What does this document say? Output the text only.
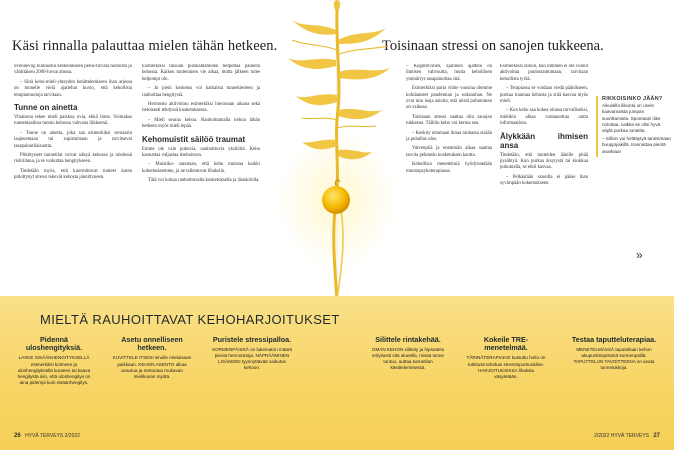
Käsi rinnalla palauttaa mielen tähän hetkeen.	Toisinaan stressi on sanojen tukkeena.

Svenneviig kiinnostui keskeinkseen perus-tuvista hoitoista jo vähittäisen 2000-luvun alussa.

– Siitä keho-mieli-yhteyden herättelemiseen ihan arjessa on monelle vielä ajattelun kuvio, että kehollisia terapiamuotoja tarvitaan.

Tunne on ainetta

Vihaisena tekee mieli paiskoa ovia, ehkä ihme. Voimakas tunnemaailma tuntuu kehossa vahvana liikkeenä.

– Tunne on ainetta, joka saa esimerkiksi vernaarin laajenemaan tai supistumaan ja tarvitsevat tasapainotilaisuutta.

Pitkittyneet tunnetilat voivat näkyä kehossa ja mielessä ristiriitana, ja se vaikuttaa hengitykseen.

Tiedetään myös, että kuormittavat tunteet kuten pitkittynyt stressi tekevät kehosta jännittyneen.

Esimerkiksi tiksuun purskahtaminen helpottaa paineita kehossa. Kaiken tunteminen vie aikaa, mutta jälkeen tulee helpompi olo.

– Jo pieni kosketus voi katkaista tunnekierteen ja rauhoittaa hengitystä.

Hermosto aktivoituu esimerkiksi hieronnan aikana sekä tietoisesti tehdyssä kosketuksessa.

– Mieli seuraa kehoa. Rauhoittamalla kehoa tähän hetkeen myös mieli lepää.

Kehomuistit säilöö traumat

Emme ole vain puhuvia, nauhoittuvia yksilöitä. Keho kannattaa valjastaa itsehoitoon.

– Muistiko- sanotaan, että keho muistaa kaikki kokemuksemme, ja ne tallentuvat lihaksiin.

Tätä voi hoitaa rauhoittavalla kosketuksella ja läsnäololla.

– Kognitiivinen, ajallinen ajattelu on ihmisen vahvuutta, mutta kehollinen ymmärrys tasapainottaa sitä.

Esimerkiksi paria viime vuosina olemme kohdanneet pandemian ja sodanuhan. Ne ovat niin isoja asioita, että niistä puhuminen on vaikeaa.

Toisinaan stressi saattaa olla sanojen tukkeena. Tällöin keho voi kertoa sen.

– Keskity ottamaan ilmaa rauhassa sisään ja puhallus ulos.

Valvenpiiä ja enemmän aikaa saattaa tarvita pehmeän kosketuksen kautta.

Kehollisia menetelmiä hyödynnetään traumapsykoterapiassa.

Esimerkiksi silloin, kun ihminen ei ole voinut aktivoitua puolustautumaan, tarvitaan kehollista työtä.

– Terapiassa se voidaan viedä päätökseen, purkaa traumaa kehosta ja siitä kasvaa myös mieli.

– Kun keho saa kokea olonsa turvalliseksi, mielikin alkaa vastaanottaa uutta informaatiota.

Älykkään ihmisen ansa

Tiedetään, että tunteiden äänille pitää pysähtyä. Kun purkaa ärsytystä tai kiukkua puhumalla, se ehtii kasvaa.

– Pelkästään sanoilla ei pääse ihan syvimpään kokemukseen.

RIKKOISINKO JÄÄN?

Aikuisilla liikunta on usein kaavamaista jumpan suorittamista. Spontaani liike nolottaa, vaikka se olisi hyvä väylä purkaa tunteita.

– Silloin voi heittäytyä tanssimaan buuppiyakillä. Kannattaa pientä anarkiaa!

»
MIELTÄ RAUHOITTAVAT KEHOHARJOITUKSET
Pidennä uloshengityksiä.
LASKE SISÄÄNHENGITYKSELLÄ esimerkiksi kolmeen ja uloshengityksellä kuuteen tai kaava hengitystä niin, että uloshengitys on aina pidempi kuin sisäänhengitys.
Asetu onnelliseen hetkeen.
KUVITTELE ITSESI sinulle mieluisaan paikkaan. KEHON ASENTO alkaa avautua ja rentoutua mukavan mielikuvan myötä.
Puristele stressipalloa.
SORMENPÄISSÄ on lukematon määrä pieniä hermoratoja. NÄPRÄÄMINEN LISÄKEEN tyynnyttävää vaikutus kehoon.
Silittele rintakehää.
OMAN KEHON silittely ja hipsuttelu erityisesti sitä alueella, missä tunne tuntuu, auttaa tunnetilan käsittelemisessä.
Kokeile TRE-menetelmää.
TÄRINÄTERAPIAKSI kutsuttu hoito on tutkitusti tehokas stressinpurkuväline. HARJOITUKSISSA lihaksia väsytetään.
Testaa taputteluterapiaa.
MENETELMÄSSÄ taputellaan kehon akupunktiopisteitä sormenpäillä. TAPUTTELUN TAVOITTEENA on avata tunnelukkoja.
26 HYVÄ TERVEYS 2/2022	2/2022 HYVÄ TERVEYS 27
